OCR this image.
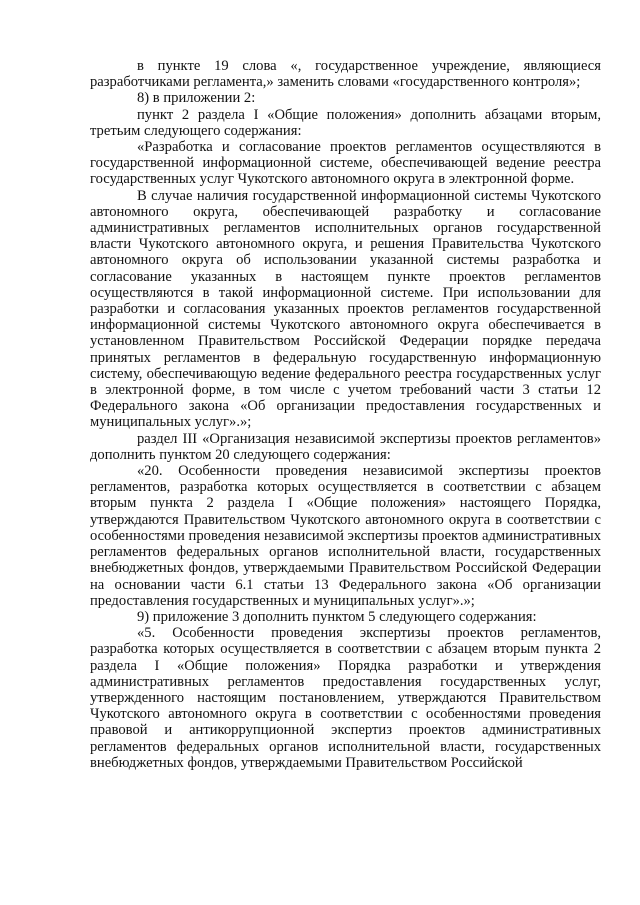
в пункте 19 слова «, государственное учреждение, являющиеся разработчиками регламента,» заменить словами «государственного контроля»;

8) в приложении 2:

пункт 2 раздела I «Общие положения» дополнить абзацами вторым, третьим следующего содержания:

«Разработка и согласование проектов регламентов осуществляются в государственной информационной системе, обеспечивающей ведение реестра государственных услуг Чукотского автономного округа в электронной форме.

В случае наличия государственной информационной системы Чукотского автономного округа, обеспечивающей разработку и согласование административных регламентов исполнительных органов государственной власти Чукотского автономного округа, и решения Правительства Чукотского автономного округа об использовании указанной системы разработка и согласование указанных в настоящем пункте проектов регламентов осуществляются в такой информационной системе. При использовании для разработки и согласования указанных проектов регламентов государственной информационной системы Чукотского автономного округа обеспечивается в установленном Правительством Российской Федерации порядке передача принятых регламентов в федеральную государственную информационную систему, обеспечивающую ведение федерального реестра государственных услуг в электронной форме, в том числе с учетом требований части 3 статьи 12 Федерального закона «Об организации предоставления государственных и муниципальных услуг».»;

раздел III «Организация независимой экспертизы проектов регламентов» дополнить пунктом 20 следующего содержания:

«20. Особенности проведения независимой экспертизы проектов регламентов, разработка которых осуществляется в соответствии с абзацем вторым пункта 2 раздела I «Общие положения» настоящего Порядка, утверждаются Правительством Чукотского автономного округа в соответствии с особенностями проведения независимой экспертизы проектов административных регламентов федеральных органов исполнительной власти, государственных внебюджетных фондов, утверждаемыми Правительством Российской Федерации на основании части 6.1 статьи 13 Федерального закона «Об организации предоставления государственных и муниципальных услуг».»;

9) приложение 3 дополнить пунктом 5 следующего содержания:

«5. Особенности проведения экспертизы проектов регламентов, разработка которых осуществляется в соответствии с абзацем вторым пункта 2 раздела I «Общие положения» Порядка разработки и утверждения административных регламентов предоставления государственных услуг, утвержденного настоящим постановлением, утверждаются Правительством Чукотского автономного округа в соответствии с особенностями проведения правовой и антикоррупционной экспертиз проектов административных регламентов федеральных органов исполнительной власти, государственных внебюджетных фондов, утверждаемыми Правительством Российской
